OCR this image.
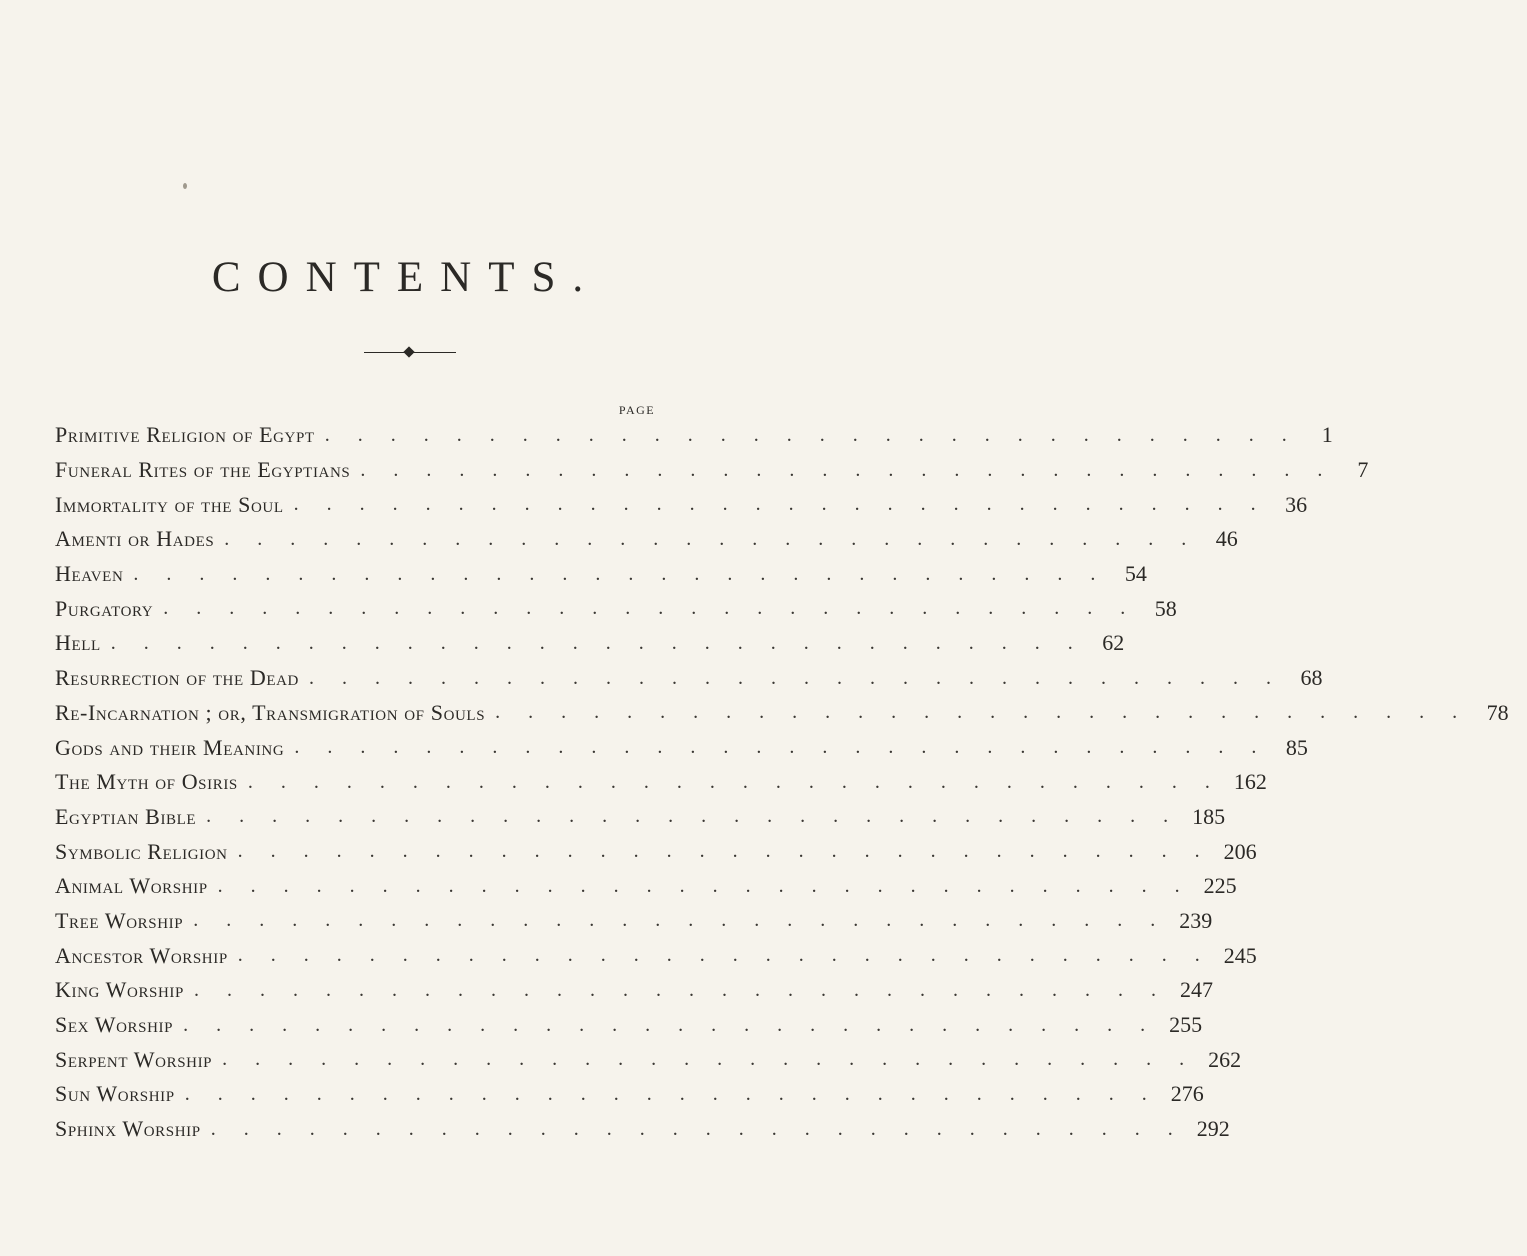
CONTENTS.
PAGE
Primitive Religion of Egypt . . . . . . . . . . . . . . . . . . . . . . . . . . . . . .	1
Funeral Rites of the Egyptians . . . . . . . . . . . . . . . . . . . . . . . . . . . . . .	7
Immortality of the Soul . . . . . . . . . . . . . . . . . . . . . . . . . . . . . . 36
Amenti or Hades . . . . . . . . . . . . . . . . . . . . . . . . . . . . . . 46
Heaven . . . . . . . . . . . . . . . . . . . . . . . . . . . . . . 54
Purgatory . . . . . . . . . . . . . . . . . . . . . . . . . . . . . . 58
Hell . . . . . . . . . . . . . . . . . . . . . . . . . . . . . . 62
Resurrection of the Dead . . . . . . . . . . . . . . . . . . . . . . . . . . . . . . 68
Re-Incarnation ; or, Transmigration of Souls . . . . . . . . . . . . . . . . . . . . . . . . . . . . . . 78
Gods and their Meaning . . . . . . . . . . . . . . . . . . . . . . . . . . . . . . 85
The Myth of Osiris . . . . . . . . . . . . . . . . . . . . . . . . . . . . . . 162
Egyptian Bible . . . . . . . . . . . . . . . . . . . . . . . . . . . . . . 185
Symbolic Religion . . . . . . . . . . . . . . . . . . . . . . . . . . . . . . 206
Animal Worship . . . . . . . . . . . . . . . . . . . . . . . . . . . . . . 225
Tree Worship . . . . . . . . . . . . . . . . . . . . . . . . . . . . . . 239
Ancestor Worship . . . . . . . . . . . . . . . . . . . . . . . . . . . . . . 245
King Worship . . . . . . . . . . . . . . . . . . . . . . . . . . . . . . 247
Sex Worship . . . . . . . . . . . . . . . . . . . . . . . . . . . . . . 255
Serpent Worship . . . . . . . . . . . . . . . . . . . . . . . . . . . . . . 262
Sun Worship . . . . . . . . . . . . . . . . . . . . . . . . . . . . . . 276
Sphinx Worship . . . . . . . . . . . . . . . . . . . . . . . . . . . . . . 292
